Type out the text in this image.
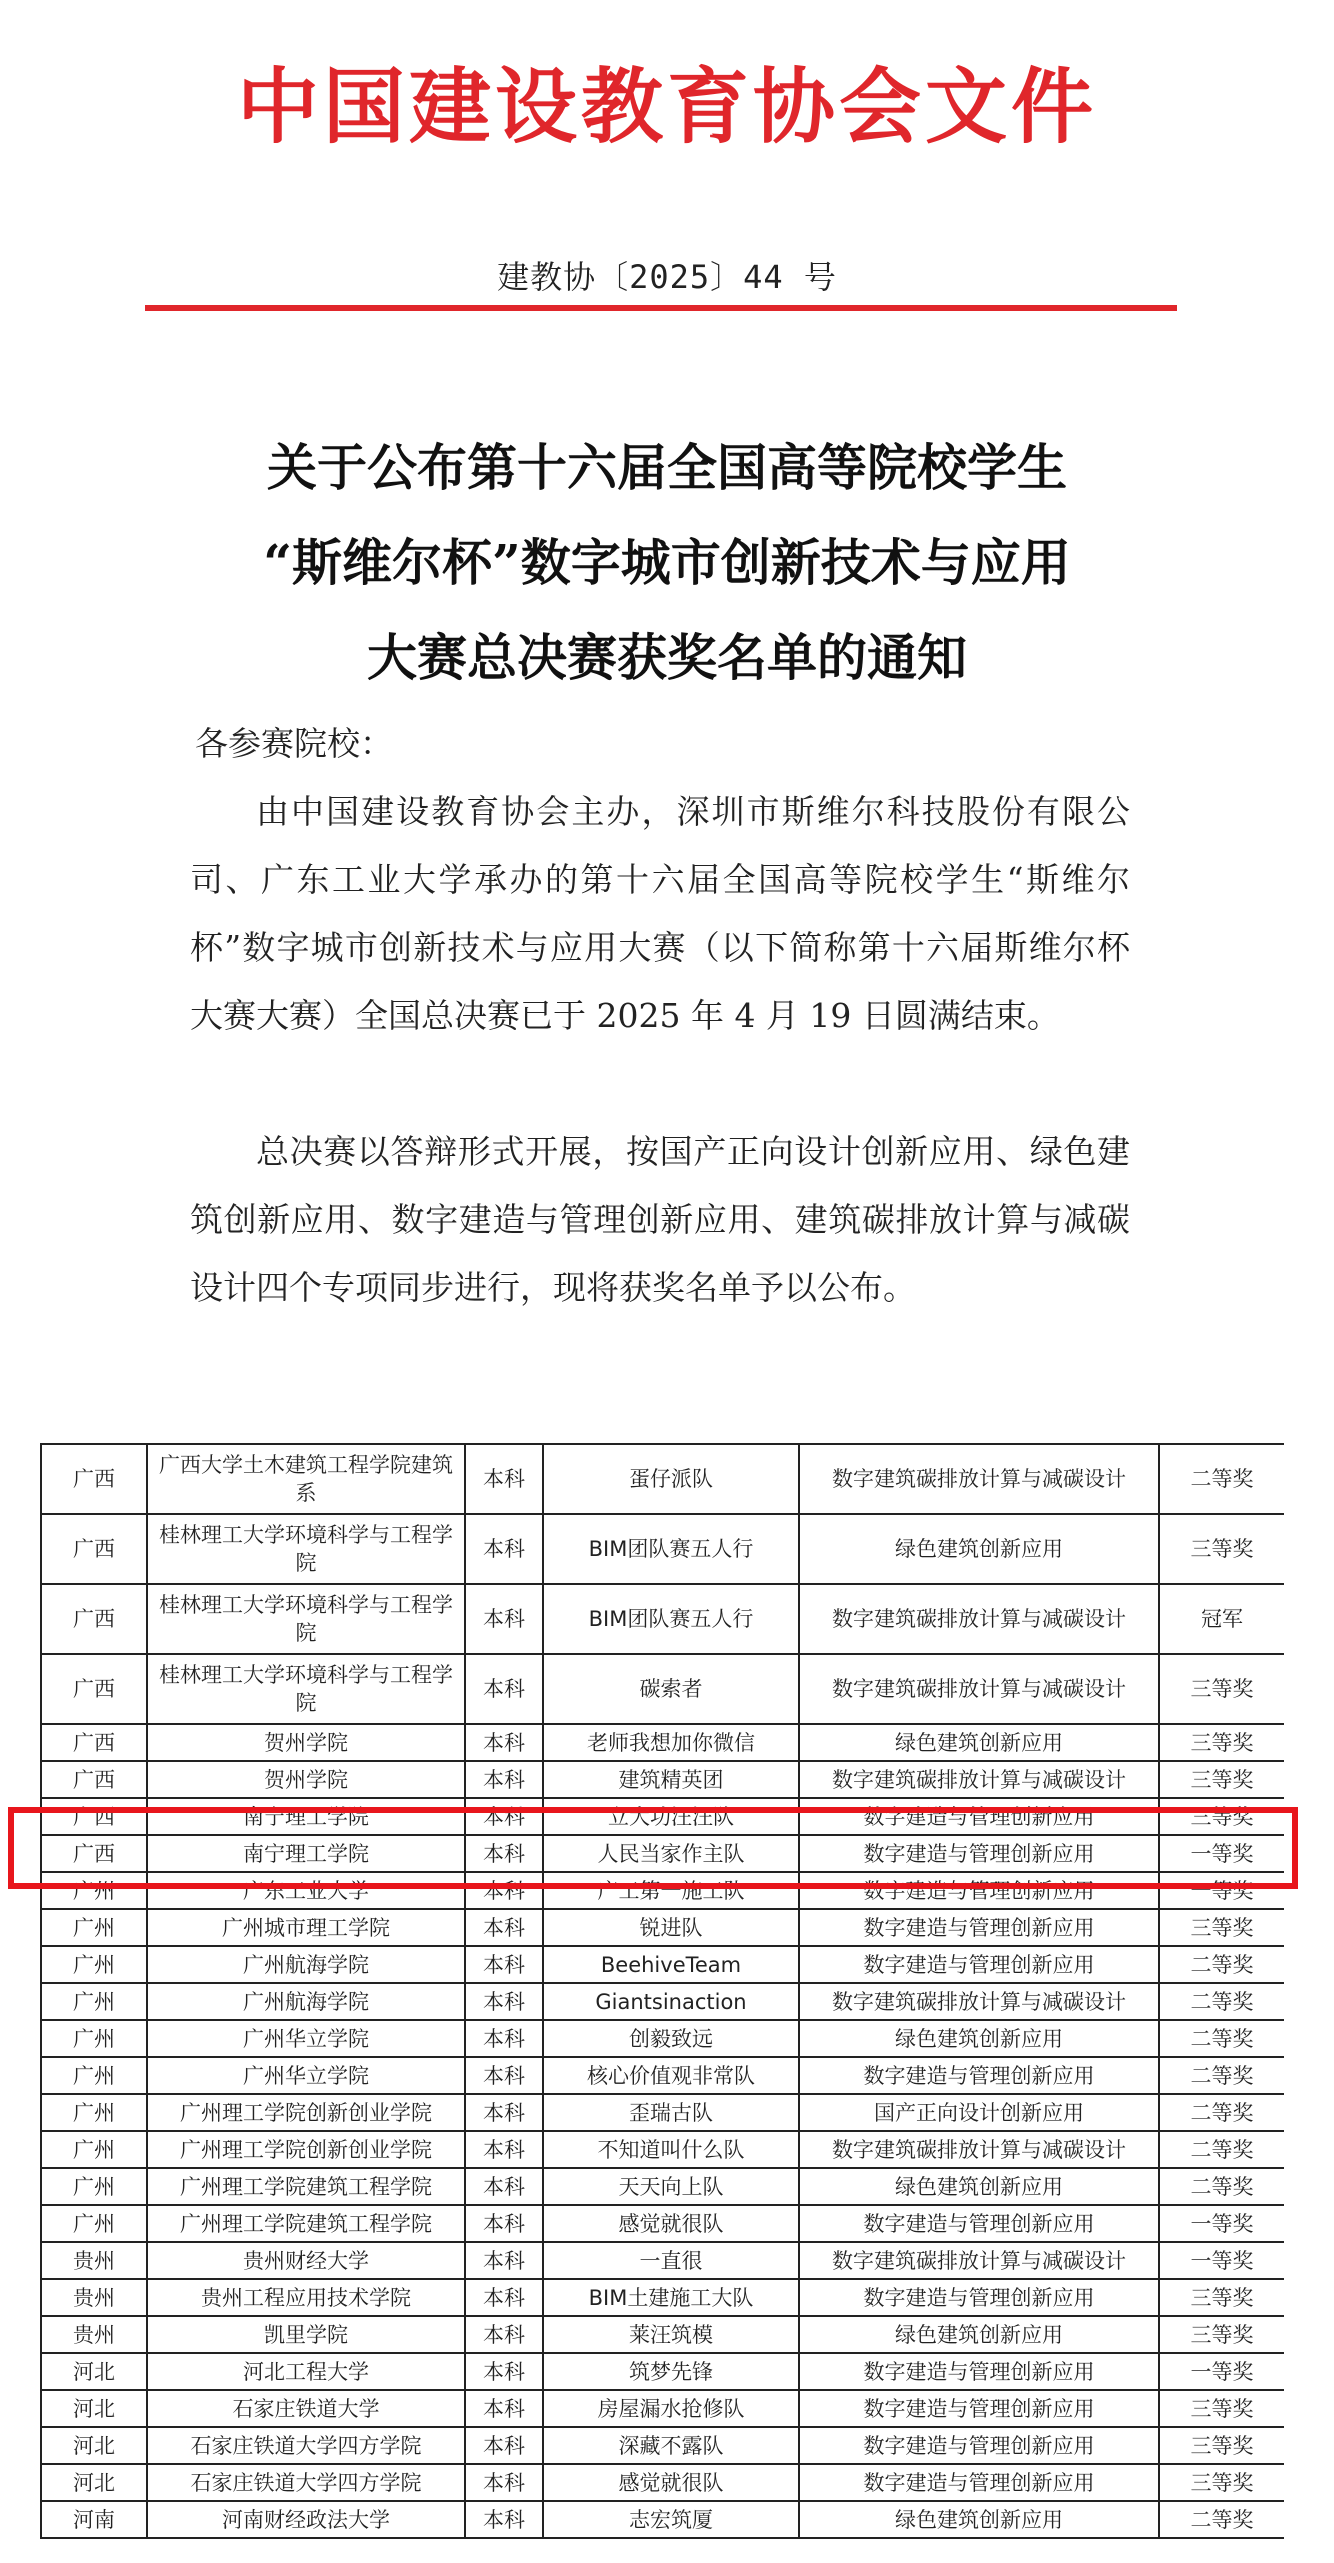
中国建设教育协会文件
建教协〔2025〕44 号
关于公布第十六届全国高等院校学生
“斯维尔杯”数字城市创新技术与应用
大赛总决赛获奖名单的通知
各参赛院校：
由中国建设教育协会主办，深圳市斯维尔科技股份有限公司、广东工业大学承办的第十六届全国高等院校学生“斯维尔杯”数字城市创新技术与应用大赛（以下简称第十六届斯维尔杯大赛大赛）全国总决赛已于 2025 年 4 月 19 日圆满结束。
总决赛以答辩形式开展，按国产正向设计创新应用、绿色建筑创新应用、数字建造与管理创新应用、建筑碳排放计算与减碳设计四个专项同步进行，现将获奖名单予以公布。
广西	广西大学土木建筑工程学院建筑系	本科	蛋仔派队	数字建筑碳排放计算与减碳设计	二等奖
广西	桂林理工大学环境科学与工程学院	本科	BIM团队赛五人行	绿色建筑创新应用	三等奖
广西	桂林理工大学环境科学与工程学院	本科	BIM团队赛五人行	数字建筑碳排放计算与减碳设计	冠军
广西	桂林理工大学环境科学与工程学院	本科	碳索者	数字建筑碳排放计算与减碳设计	三等奖
广西	贺州学院	本科	老师我想加你微信	绿色建筑创新应用	三等奖
广西	贺州学院	本科	建筑精英团	数字建筑碳排放计算与减碳设计	三等奖
广西	南宁理工学院	本科	立大功汪汪队	数字建造与管理创新应用	三等奖
广西	南宁理工学院	本科	人民当家作主队	数字建造与管理创新应用	一等奖
广州	广东工业大学	本科	广工第一施工队	数字建造与管理创新应用	一等奖
广州	广州城市理工学院	本科	锐进队	数字建造与管理创新应用	三等奖
广州	广州航海学院	本科	BeehiveTeam	数字建造与管理创新应用	二等奖
广州	广州航海学院	本科	Giantsinaction	数字建筑碳排放计算与减碳设计	二等奖
广州	广州华立学院	本科	创毅致远	绿色建筑创新应用	二等奖
广州	广州华立学院	本科	核心价值观非常队	数字建造与管理创新应用	二等奖
广州	广州理工学院创新创业学院	本科	歪瑞古队	国产正向设计创新应用	二等奖
广州	广州理工学院创新创业学院	本科	不知道叫什么队	数字建筑碳排放计算与减碳设计	二等奖
广州	广州理工学院建筑工程学院	本科	天天向上队	绿色建筑创新应用	二等奖
广州	广州理工学院建筑工程学院	本科	感觉就很队	数字建造与管理创新应用	一等奖
贵州	贵州财经大学	本科	一直很	数字建筑碳排放计算与减碳设计	一等奖
贵州	贵州工程应用技术学院	本科	BIM土建施工大队	数字建造与管理创新应用	三等奖
贵州	凯里学院	本科	莱汪筑模	绿色建筑创新应用	三等奖
河北	河北工程大学	本科	筑梦先锋	数字建造与管理创新应用	一等奖
河北	石家庄铁道大学	本科	房屋漏水抢修队	数字建造与管理创新应用	三等奖
河北	石家庄铁道大学四方学院	本科	深藏不露队	数字建造与管理创新应用	三等奖
河北	石家庄铁道大学四方学院	本科	感觉就很队	数字建造与管理创新应用	三等奖
河南	河南财经政法大学	本科	志宏筑厦	绿色建筑创新应用	二等奖
